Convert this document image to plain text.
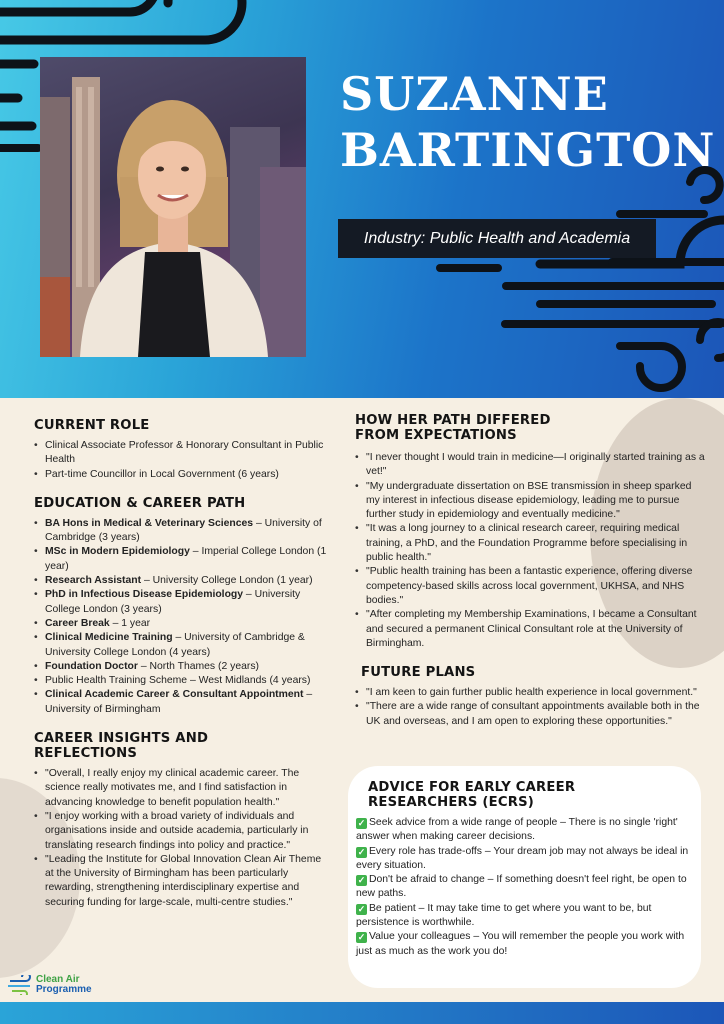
SUZANNE
BARTINGTON
Industry: Public Health and Academia
CURRENT ROLE
• Clinical Associate Professor & Honorary Consultant in Public Health
• Part-time Councillor in Local Government (6 years)
EDUCATION & CAREER PATH
• BA Hons in Medical & Veterinary Sciences – University of Cambridge (3 years)
• MSc in Modern Epidemiology – Imperial College London (1 year)
• Research Assistant – University College London (1 year)
• PhD in Infectious Disease Epidemiology – University College London (3 years)
• Career Break – 1 year
• Clinical Medicine Training – University of Cambridge & University College London (4 years)
• Foundation Doctor – North Thames (2 years)
• Public Health Training Scheme – West Midlands (4 years)
• Clinical Academic Career & Consultant Appointment – University of Birmingham
CAREER INSIGHTS AND
REFLECTIONS
• "Overall, I really enjoy my clinical academic career. The science really motivates me, and I find satisfaction in advancing knowledge to benefit population health."
• "I enjoy working with a broad variety of individuals and organisations inside and outside academia, particularly in translating research findings into policy and practice."
• "Leading the Institute for Global Innovation Clean Air Theme at the University of Birmingham has been particularly rewarding, strengthening interdisciplinary expertise and securing funding for large-scale, multi-centre studies."
HOW HER PATH DIFFERED
FROM EXPECTATIONS
• "I never thought I would train in medicine—I originally started training as a vet!"
• "My undergraduate dissertation on BSE transmission in sheep sparked my interest in infectious disease epidemiology, leading me to pursue further study in epidemiology and eventually medicine."
• "It was a long journey to a clinical research career, requiring medical training, a PhD, and the Foundation Programme before specialising in public health."
• "Public health training has been a fantastic experience, offering diverse competency-based skills across local government, UKHSA, and NHS bodies."
• "After completing my Membership Examinations, I became a Consultant and secured a permanent Clinical Consultant role at the University of Birmingham.
FUTURE PLANS
• "I am keen to gain further public health experience in local government."
• "There are a wide range of consultant appointments available both in the UK and overseas, and I am open to exploring these opportunities."
ADVICE FOR EARLY CAREER
RESEARCHERS (ECRS)
✓ Seek advice from a wide range of people – There is no single 'right' answer when making career decisions.
✓ Every role has trade-offs – Your dream job may not always be ideal in every situation.
✓ Don't be afraid to change – If something doesn't feel right, be open to new paths.
✓ Be patient – It may take time to get where you want to be, but persistence is worthwhile.
✓ Value your colleagues – You will remember the people you work with just as much as the work you do!
Clean Air
Programme
